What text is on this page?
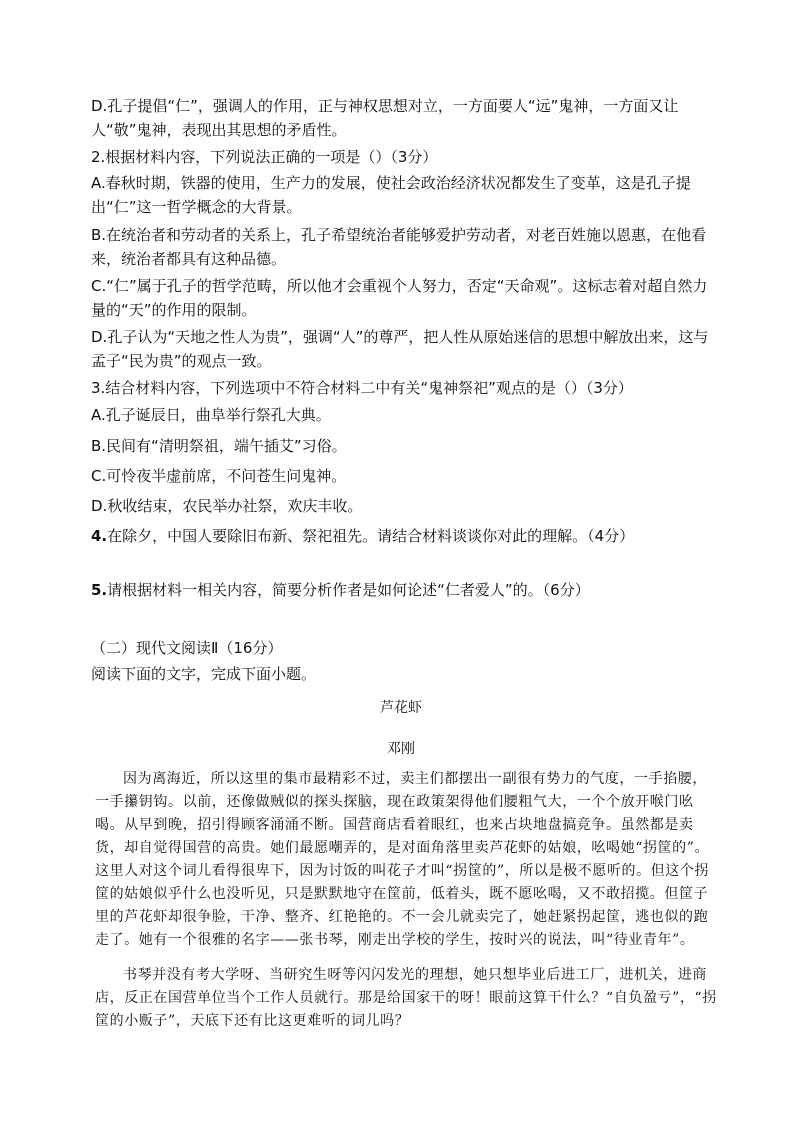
D.孔子提倡“仁”，强调人的作用，正与神权思想对立，一方面要人“远”鬼神，一方面又让人“敬”鬼神，表现出其思想的矛盾性。
2.根据材料内容，下列说法正确的一项是（）（3分）
A.春秋时期，铁器的使用，生产力的发展，使社会政治经济状况都发生了变革，这是孔子提出“仁”这一哲学概念的大背景。
B.在统治者和劳动者的关系上，孔子希望统治者能够爱护劳动者，对老百姓施以恩惠，在他看来，统治者都具有这种品德。
C.“仁”属于孔子的哲学范畴，所以他才会重视个人努力，否定“天命观”。这标志着对超自然力量的“天”的作用的限制。
D.孔子认为“天地之性人为贵”，强调“人”的尊严，把人性从原始迷信的思想中解放出来，这与孟子“民为贵”的观点一致。
3.结合材料内容，下列选项中不符合材料二中有关“鬼神祭祀”观点的是（）（3分）
A.孔子诞辰日，曲阜举行祭孔大典。
B.民间有“清明祭祖，端午插艾”习俗。
C.可怜夜半虚前席，不问苍生问鬼神。
D.秋收结束，农民举办社祭，欢庆丰收。
4.在除夕，中国人要除旧布新、祭祀祖先。请结合材料谈谈你对此的理解。（4分）
5.请根据材料一相关内容，简要分析作者是如何论述“仁者爱人”的。（6分）
（二）现代文阅读Ⅱ（16分）
阅读下面的文字，完成下面小题。
芦花虾
邓刚
因为离海近，所以这里的集市最精彩不过，卖主们都摆出一副很有势力的气度，一手掐腰，一手攥钥钩。以前，还像做贼似的探头探脑，现在政策架得他们腰粗气大，一个个放开喉门吆喝。从早到晚，招引得顾客涌涌不断。国营商店看着眼红，也来占块地盘搞竞争。虽然都是卖货，却自觉得国营的高贵。她们最愿嘲弄的，是对面角落里卖芦花虾的姑娘，吆喝她“拐筐的”。这里人对这个词儿看得很卑下，因为讨饭的叫花子才叫“拐筐的”，所以是极不愿听的。但这个拐筐的姑娘似乎什么也没听见，只是默默地守在筐前，低着头，既不愿吆喝，又不敢招揽。但筐子里的芦花虾却很争脸，干净、整齐、红艳艳的。不一会儿就卖完了，她赶紧拐起筐，逃也似的跑走了。她有一个很雅的名字——张书琴，刚走出学校的学生，按时兴的说法，叫“待业青年”。
书琴并没有考大学呀、当研究生呀等闪闪发光的理想，她只想毕业后进工厂，进机关，进商店，反正在国营单位当个工作人员就行。那是给国家干的呀！眼前这算干什么？“自负盈亏”，“拐筐的小贩子”，天底下还有比这更难听的词儿吗？
